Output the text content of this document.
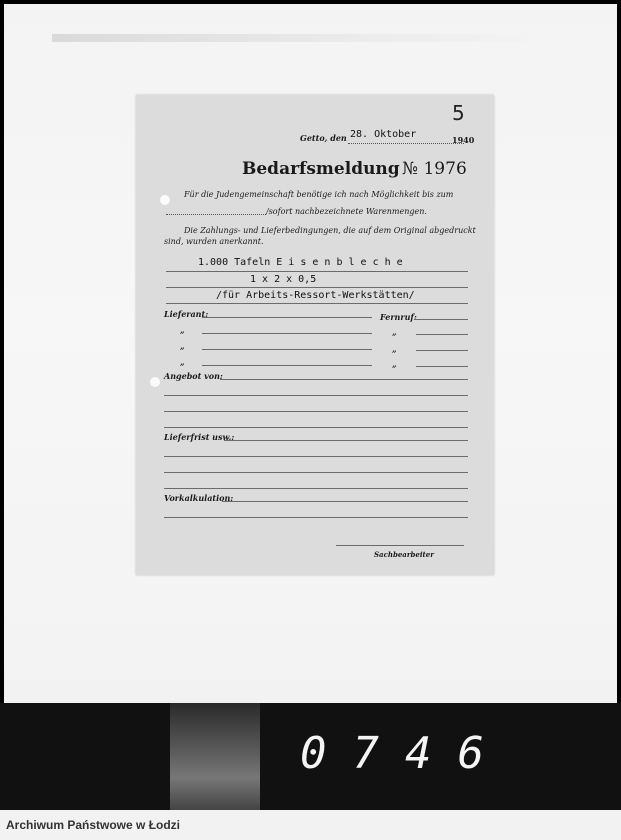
5
Getto, den 28. Oktober	1940
Bedarfsmeldung № 1976
Für die Judengemeinschaft benötige ich nach Möglichkeit bis zum
/sofort nachbezeichnete Warenmengen.
Die Zahlungs- und Lieferbedingungen, die auf dem Original abgedruckt
sind, wurden anerkannt.
1.000 Tafeln E i s e n b l e c h e
1 x 2 x 0,5
/für Arbeits-Ressort-Werkstätten/
Lieferant:	Fernruf:
„	„
„	„
„	„
Angebot von:
Lieferfrist usw.:
Vorkalkulation:
Sachbearbeiter
0746
Archiwum Państwowe w Łodzi
